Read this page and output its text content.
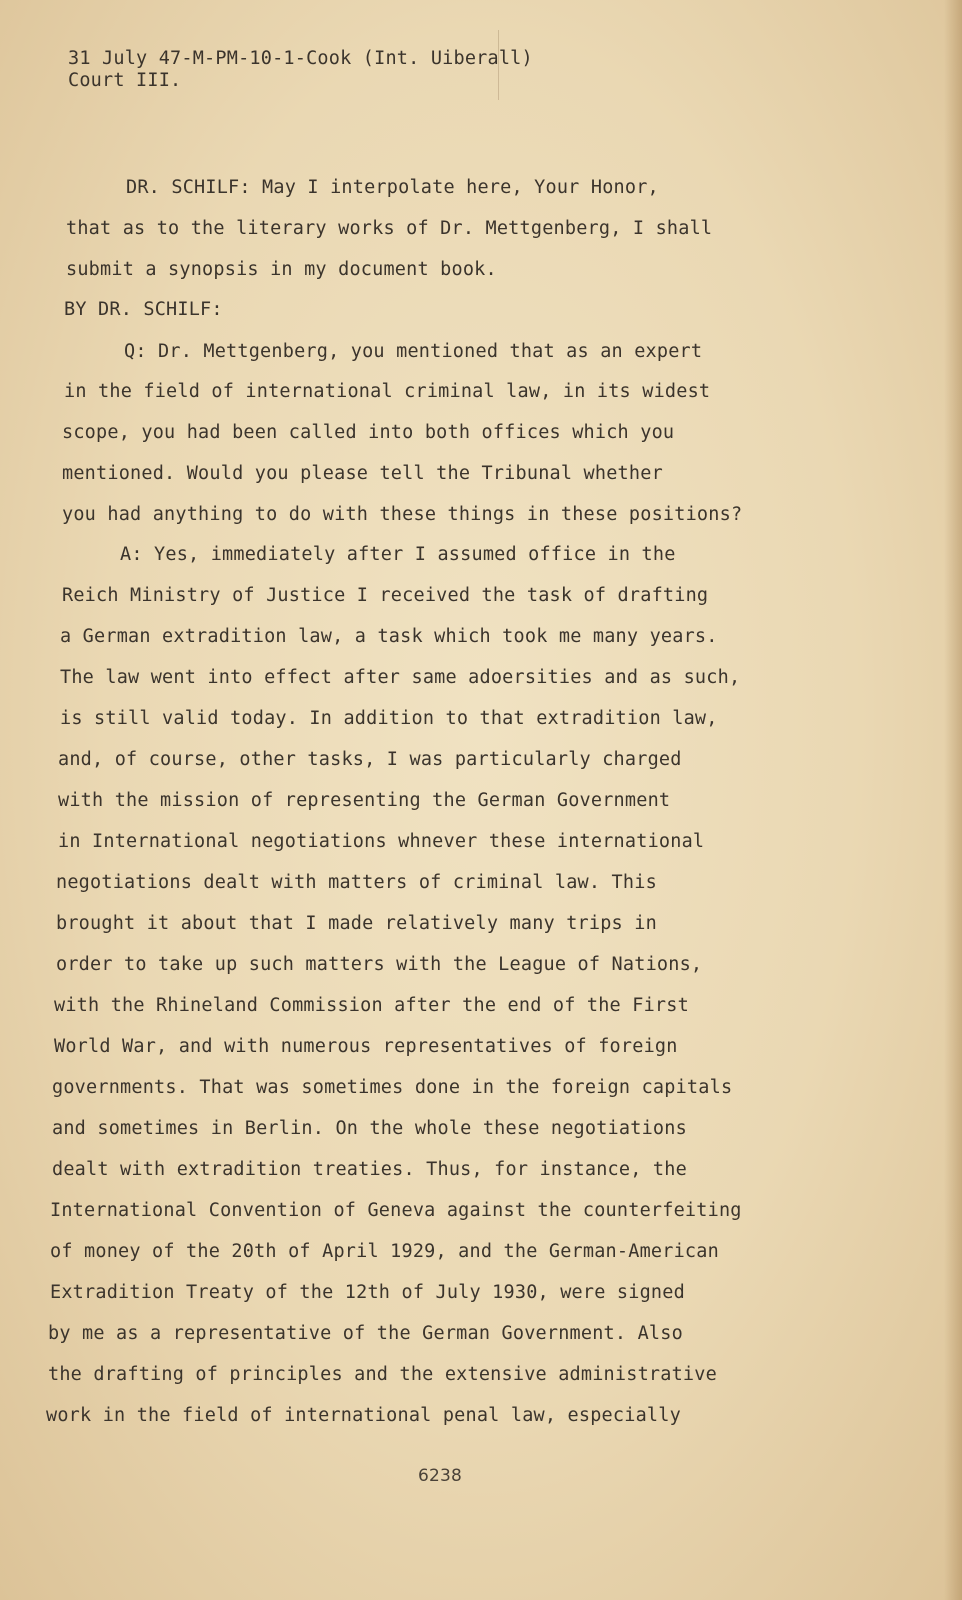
31 July 47-M-PM-10-1-Cook (Int. Uiberall)
Court III.
DR. SCHILF: May I interpolate here, Your Honor,
that as to the literary works of Dr. Mettgenberg, I shall
submit a synopsis in my document book.
BY DR. SCHILF:
Q: Dr. Mettgenberg, you mentioned that as an expert
in the field of international criminal law, in its widest
scope, you had been called into both offices which you
mentioned. Would you please tell the Tribunal whether
you had anything to do with these things in these positions?
A: Yes, immediately after I assumed office in the
Reich Ministry of Justice I received the task of drafting
a German extradition law, a task which took me many years.
The law went into effect after same adoersities and as such,
is still valid today. In addition to that extradition law,
and, of course, other tasks, I was particularly charged
with the mission of representing the German Government
in International negotiations whnever these international
negotiations dealt with matters of criminal law. This
brought it about that I made relatively many trips in
order to take up such matters with the League of Nations,
with the Rhineland Commission after the end of the First
World War, and with numerous representatives of foreign
governments. That was sometimes done in the foreign capitals
and sometimes in Berlin. On the whole these negotiations
dealt with extradition treaties. Thus, for instance, the
International Convention of Geneva against the counterfeiting
of money of the 20th of April 1929, and the German-American
Extradition Treaty of the 12th of July 1930, were signed
by me as a representative of the German Government. Also
the drafting of principles and the extensive administrative
work in the field of international penal law, especially
6238
